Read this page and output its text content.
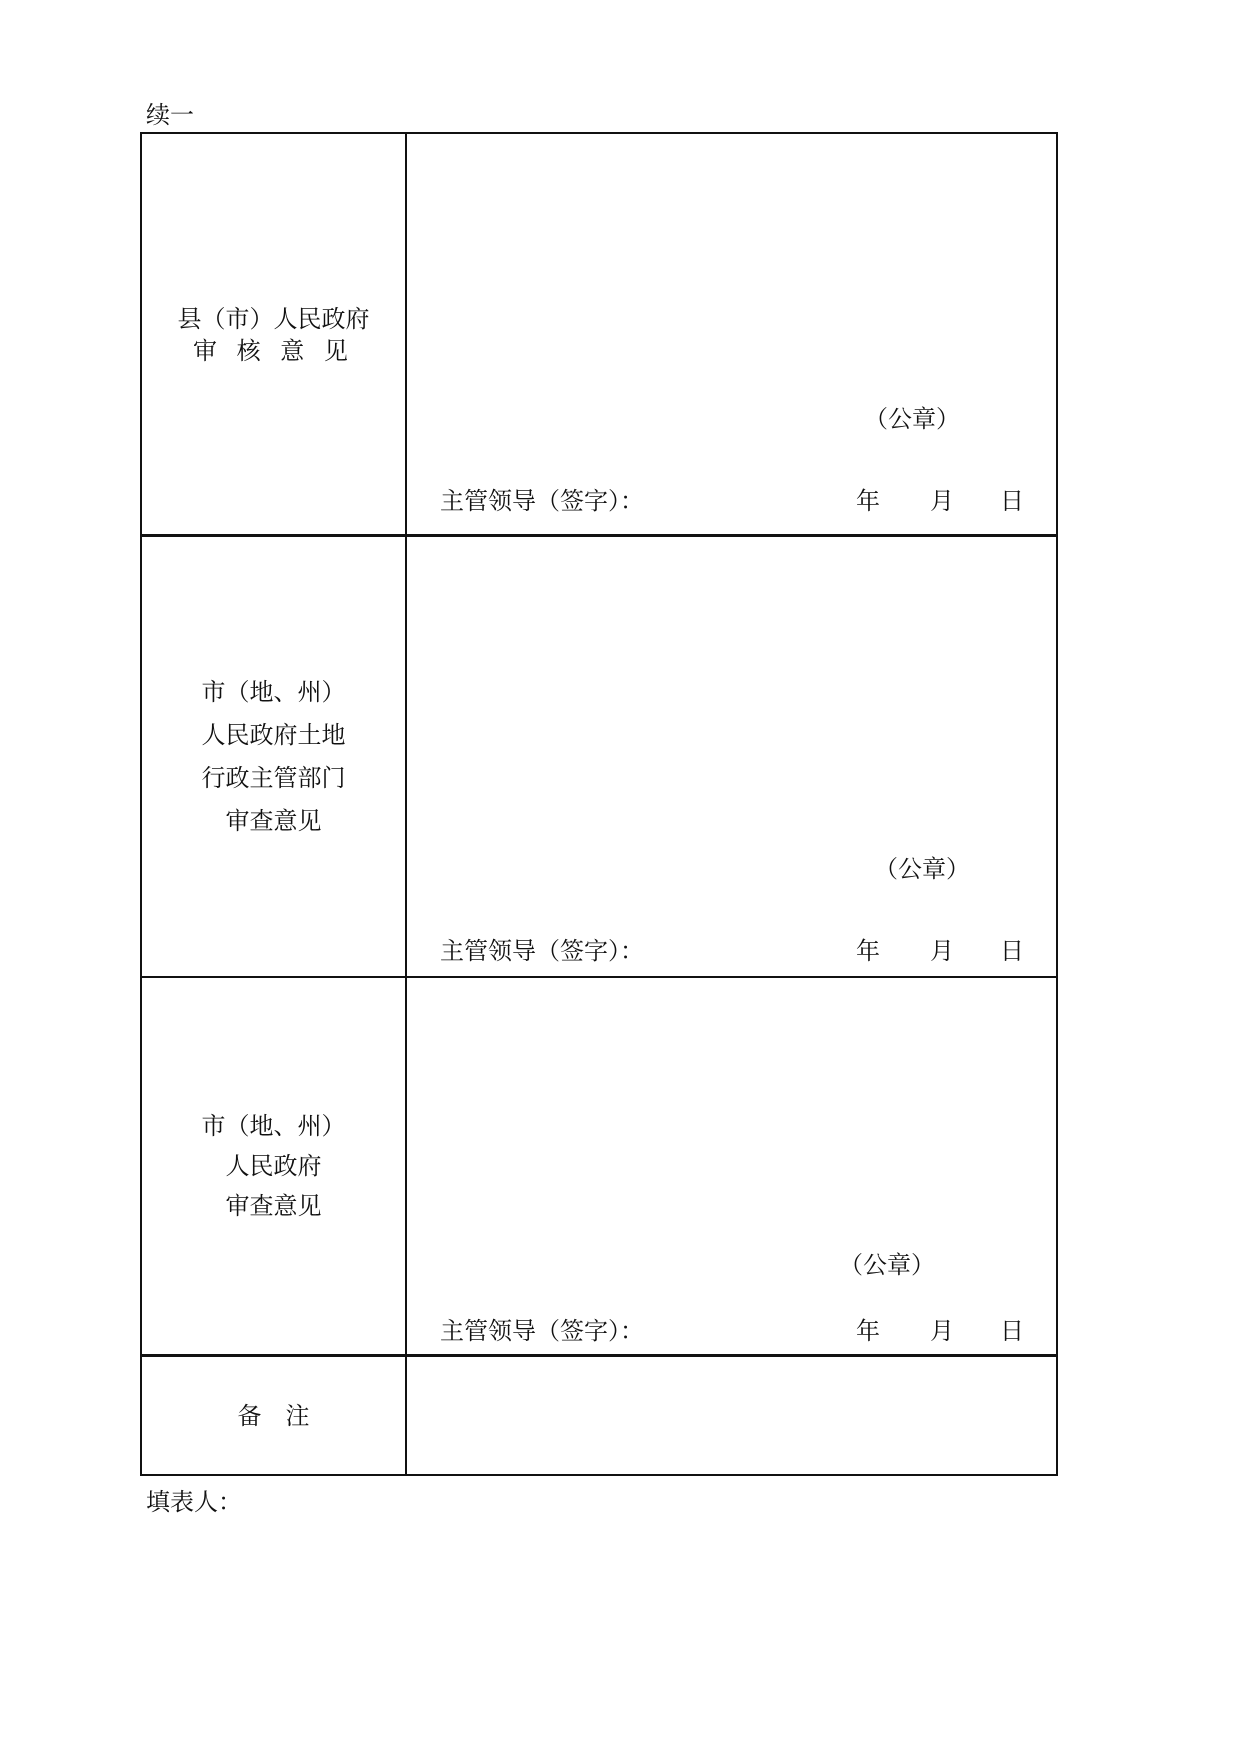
续一
县（市）人民政府
审 核 意 见
（公章）
主管领导（签字）：	年 月 日
市（地、州）
人民政府土地
行政主管部门
审查意见
（公章）
主管领导（签字）：	年 月 日
市（地、州）
人民政府
审查意见
（公章）
主管领导（签字）：	年 月 日
备　注
填表人：
